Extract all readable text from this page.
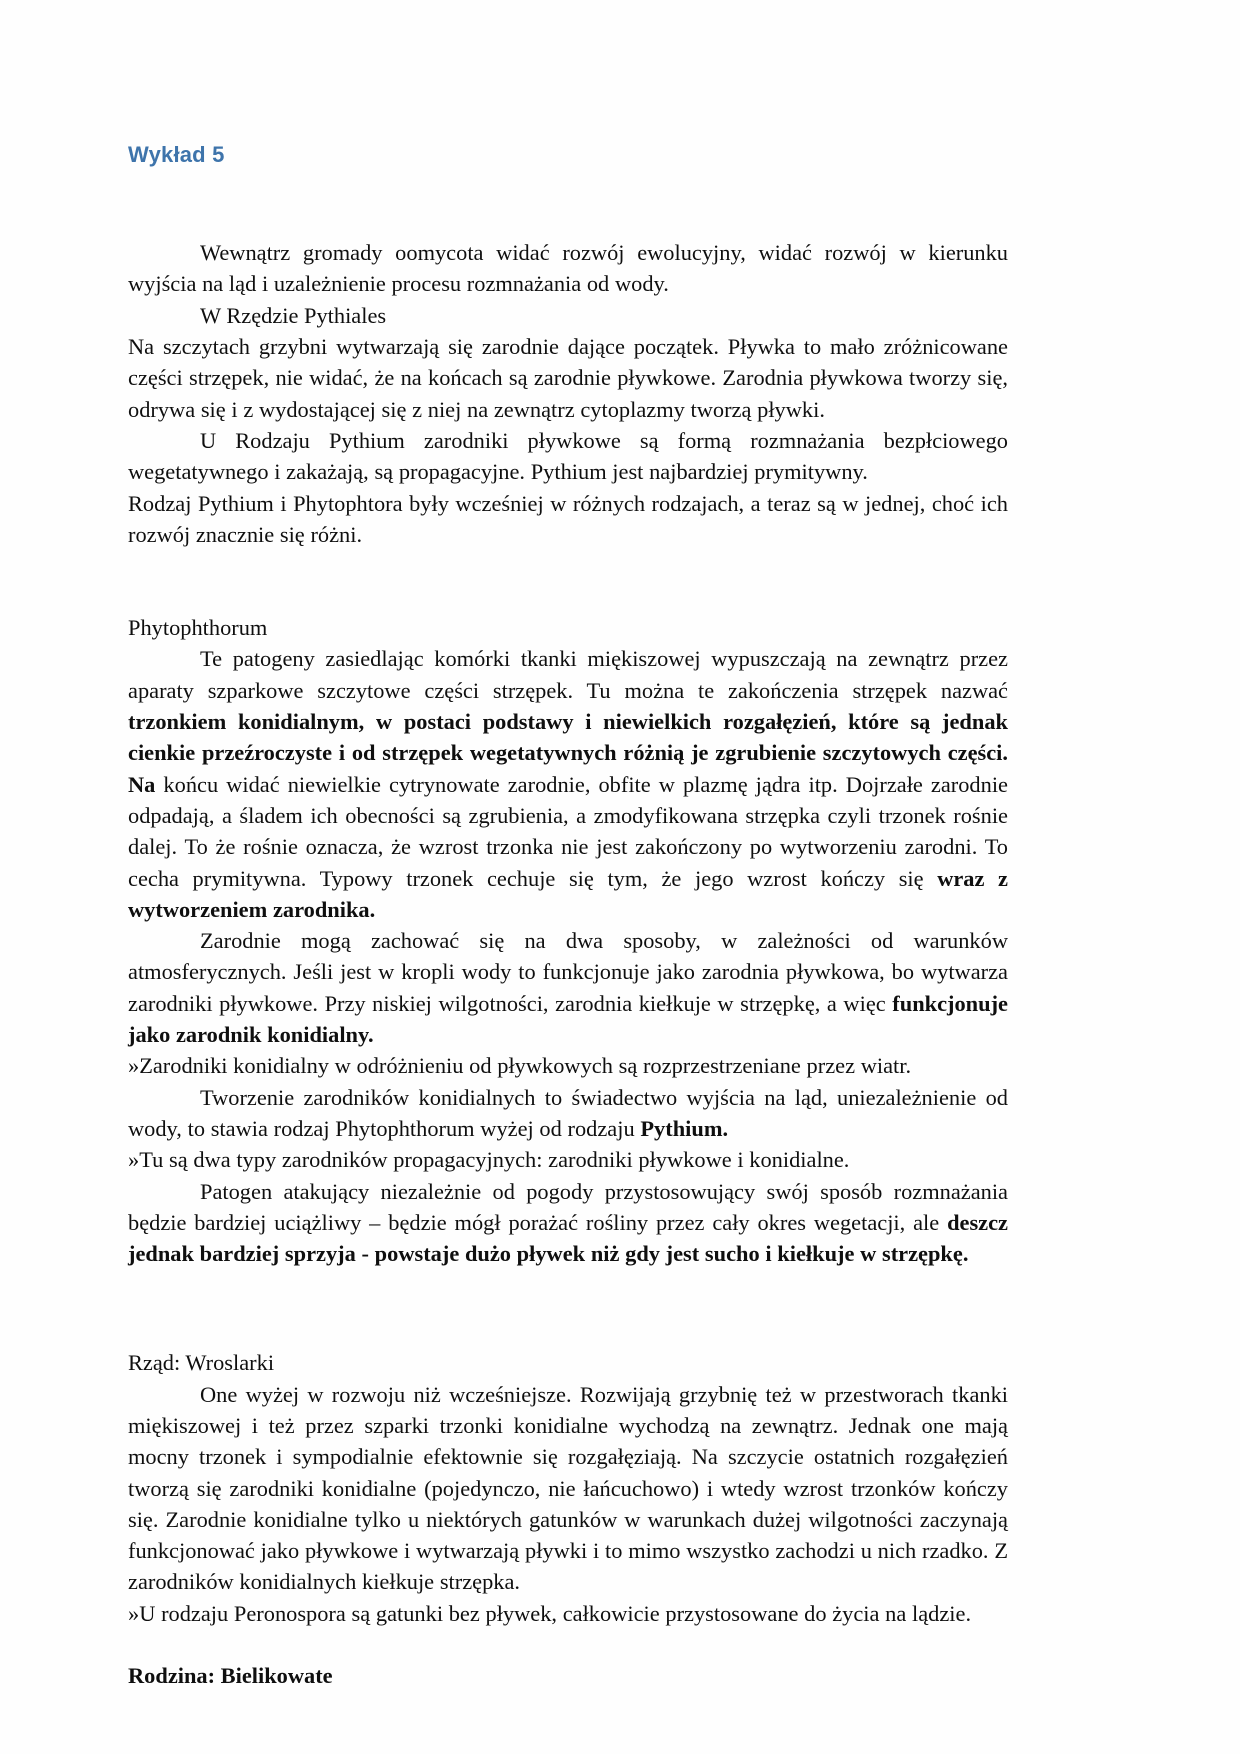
Wykład 5

Wewnątrz gromady oomycota widać rozwój ewolucyjny, widać rozwój w kierunku wyjścia na ląd i uzależnienie procesu rozmnażania od wody.

W Rzędzie Pythiales

Na szczytach grzybni wytwarzają się zarodnie dające początek. Pływka to mało zróżnicowane części strzępek, nie widać, że na końcach są zarodnie pływkowe. Zarodnia pływkowa tworzy się, odrywa się i z wydostającej się z niej na zewnątrz cytoplazmy tworzą pływki.

U Rodzaju Pythium zarodniki pływkowe są formą rozmnażania bezpłciowego wegetatywnego i zakażają, są propagacyjne. Pythium jest najbardziej prymitywny.

Rodzaj Pythium i Phytophtora były wcześniej w różnych rodzajach, a teraz są w jednej, choć ich rozwój znacznie się różni.

Phytophthorum

Te patogeny zasiedlając komórki tkanki miękiszowej wypuszczają na zewnątrz przez aparaty szparkowe szczytowe części strzępek. Tu można te zakończenia strzępek nazwać trzonkiem konidialnym, w postaci podstawy i niewielkich rozgałęzień, które są jednak cienkie przeźroczyste i od strzępek wegetatywnych różnią je zgrubienie szczytowych części. Na końcu widać niewielkie cytrynowate zarodnie, obfite w plazmę jądra itp. Dojrzałe zarodnie odpadają, a śladem ich obecności są zgrubienia, a zmodyfikowana strzępka czyli trzonek rośnie dalej. To że rośnie oznacza, że wzrost trzonka nie jest zakończony po wytworzeniu zarodni. To cecha prymitywna. Typowy trzonek cechuje się tym, że jego wzrost kończy się wraz z wytworzeniem zarodnika.

Zarodnie mogą zachować się na dwa sposoby, w zależności od warunków atmosferycznych. Jeśli jest w kropli wody to funkcjonuje jako zarodnia pływkowa, bo wytwarza zarodniki pływkowe. Przy niskiej wilgotności, zarodnia kiełkuje w strzępkę, a więc funkcjonuje jako zarodnik konidialny.

»Zarodniki konidialny w odróżnieniu od pływkowych są rozprzestrzeniane przez wiatr.

Tworzenie zarodników konidialnych to świadectwo wyjścia na ląd, uniezależnienie od wody, to stawia rodzaj Phytophthorum wyżej od rodzaju Pythium.

»Tu są dwa typy zarodników propagacyjnych: zarodniki pływkowe i konidialne.

Patogen atakujący niezależnie od pogody przystosowujący swój sposób rozmnażania będzie bardziej uciążliwy – będzie mógł porażać rośliny przez cały okres wegetacji, ale deszcz jednak bardziej sprzyja - powstaje dużo pływek niż gdy jest sucho i kiełkuje w strzępkę.

Rząd: Wroslarki

One wyżej w rozwoju niż wcześniejsze. Rozwijają grzybnię też w przestworach tkanki miękiszowej i też przez szparki trzonki konidialne wychodzą na zewnątrz. Jednak one mają mocny trzonek i sympodialnie efektownie się rozgałęziają. Na szczycie ostatnich rozgałęzień tworzą się zarodniki konidialne (pojedynczo, nie łańcuchowo) i wtedy wzrost trzonków kończy się. Zarodnie konidialne tylko u niektórych gatunków w warunkach dużej wilgotności zaczynają funkcjonować jako pływkowe i wytwarzają pływki i to mimo wszystko zachodzi u nich rzadko. Z zarodników konidialnych kiełkuje strzępka.

»U rodzaju Peronospora są gatunki bez pływek, całkowicie przystosowane do życia na lądzie.

Rodzina: Bielikowate
